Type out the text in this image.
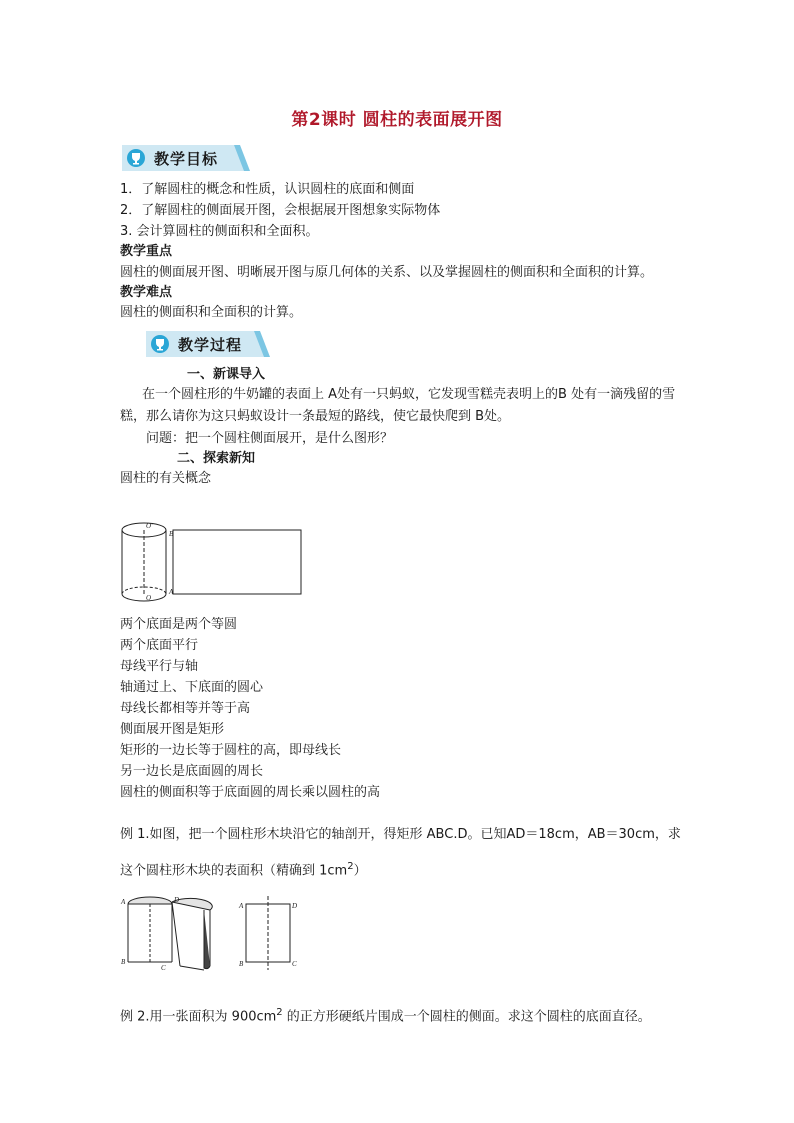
第2课时 圆柱的表面展开图
教学目标
1．了解圆柱的概念和性质，认识圆柱的底面和侧面
2．了解圆柱的侧面展开图，会根据展开图想象实际物体
3. 会计算圆柱的侧面积和全面积。
教学重点
圆柱的侧面展开图、明晰展开图与原几何体的关系、以及掌握圆柱的侧面积和全面积的计算。
教学难点
圆柱的侧面积和全面积的计算。
教学过程
一、新课导入
在一个圆柱形的牛奶罐的表面上 A处有一只蚂蚁，它发现雪糕壳表明上的B 处有一滴残留的雪糕，那么请你为这只蚂蚁设计一条最短的路线，使它最快爬到 B处。
问题：把一个圆柱侧面展开，是什么图形？
二、探索新知
圆柱的有关概念
O'
O
B
A
两个底面是两个等圆
两个底面平行
母线平行与轴
轴通过上、下底面的圆心
母线长都相等并等于高
侧面展开图是矩形
矩形的一边长等于圆柱的高，即母线长
另一边长是底面圆的周长
圆柱的侧面积等于底面圆的周长乘以圆柱的高
例 1.如图，把一个圆柱形木块沿它的轴剖开，得矩形 ABC.D。已知AD＝18cm，AB＝30cm，求
这个圆柱形木块的表面积（精确到 $1cm^2$）
A
B
C
D
A
B	C
D
例 2.用一张面积为 $900cm^2$ 的正方形硬纸片围成一个圆柱的侧面。求这个圆柱的底面直径。
